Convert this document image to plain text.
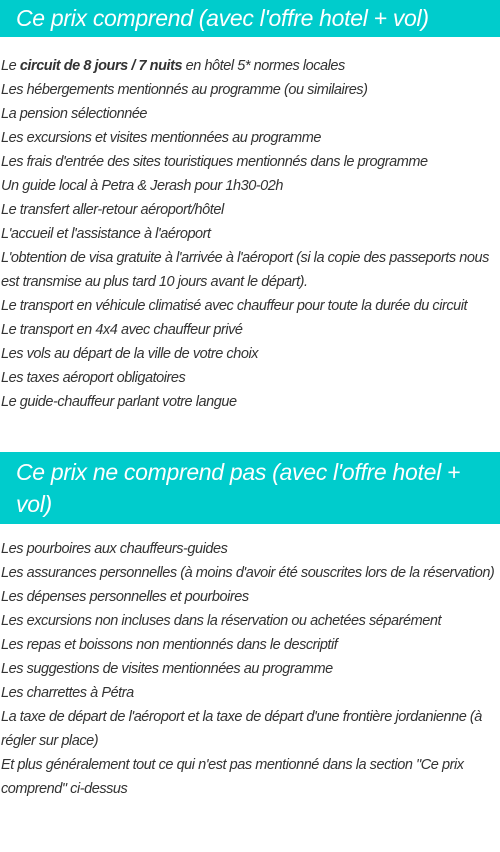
Ce prix comprend (avec l'offre hotel + vol)
Le circuit de 8 jours / 7 nuits en hôtel 5* normes locales
Les hébergements mentionnés au programme (ou similaires)
La pension sélectionnée
Les excursions et visites mentionnées au programme
Les frais d'entrée des sites touristiques mentionnés dans le programme
Un guide local à Petra & Jerash pour 1h30-02h
Le transfert aller-retour aéroport/hôtel
L'accueil et l'assistance à l'aéroport
L'obtention de visa gratuite à l'arrivée à l'aéroport (si la copie des passeports nous est transmise au plus tard 10 jours avant le départ).
Le transport en véhicule climatisé avec chauffeur pour toute la durée du circuit
Le transport en 4x4 avec chauffeur privé
Les vols au départ de la ville de votre choix
Les taxes aéroport obligatoires
Le guide-chauffeur parlant votre langue
Ce prix ne comprend pas (avec l'offre hotel + vol)
Les pourboires aux chauffeurs-guides
Les assurances personnelles (à moins d'avoir été souscrites lors de la réservation)
Les dépenses personnelles et pourboires
Les excursions non incluses dans la réservation ou achetées séparément
Les repas et boissons non mentionnés dans le descriptif
Les suggestions de visites mentionnées au programme
Les charrettes à Pétra
La taxe de départ de l'aéroport et la taxe de départ d'une frontière jordanienne (à régler sur place)
Et plus généralement tout ce qui n'est pas mentionné dans la section "Ce prix comprend" ci-dessus
